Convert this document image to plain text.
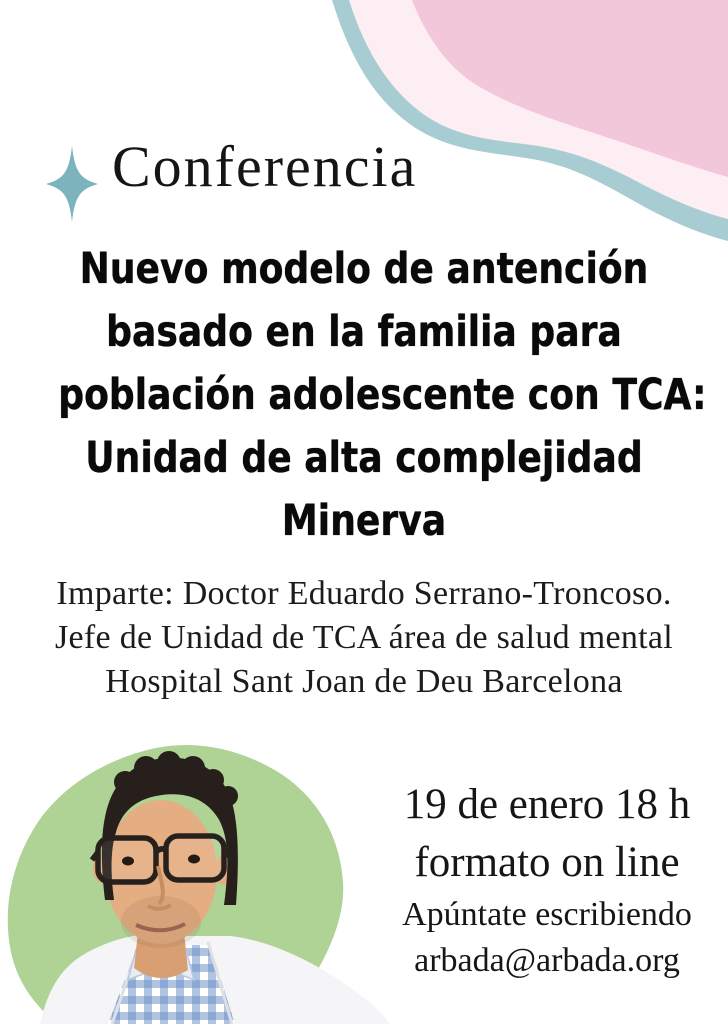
Conferencia
Nuevo modelo de antención
basado en la familia para
población adolescente con TCA:
Unidad de alta complejidad
Minerva
Imparte: Doctor Eduardo Serrano-Troncoso.
Jefe de Unidad de TCA área de salud mental
Hospital Sant Joan de Deu Barcelona
19 de enero 18 h
formato on line
Apúntate escribiendo
arbada@arbada.org
